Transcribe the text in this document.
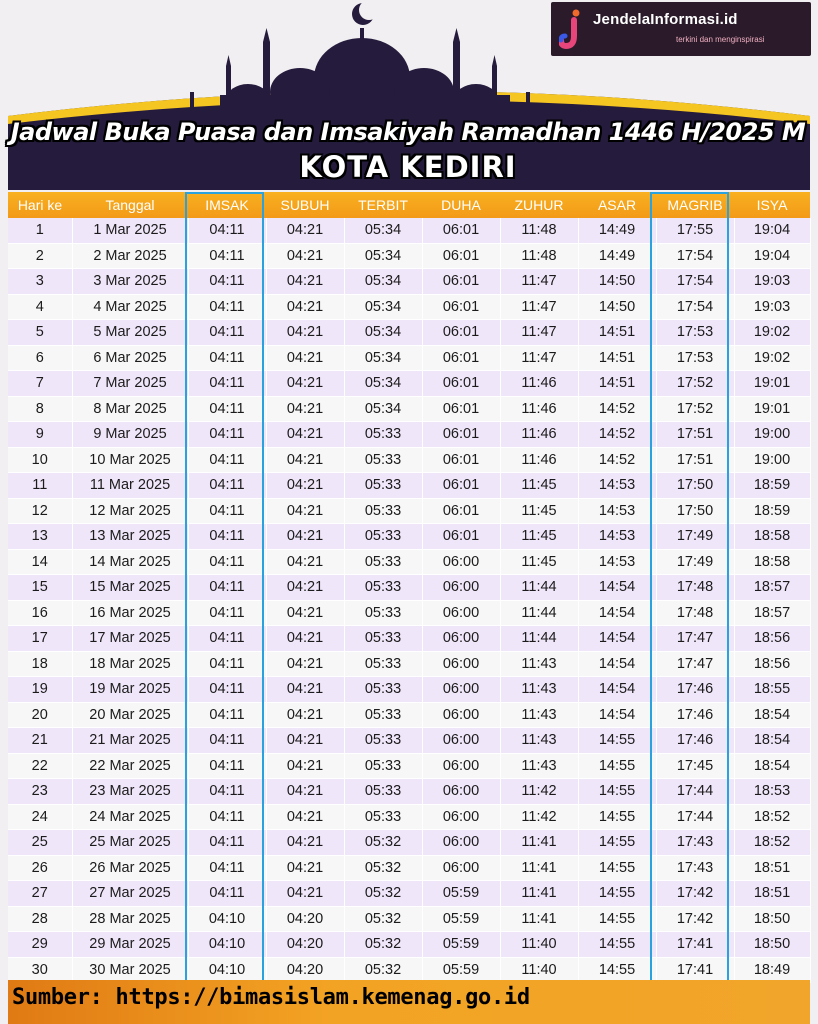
JendelaInformasi.id
terkini dan menginspirasi
Jadwal Buka Puasa dan Imsakiyah Ramadhan 1446 H/2025 M
KOTA KEDIRI
Hari ke	Tanggal	IMSAK	SUBUH	TERBIT	DUHA	ZUHUR	ASAR	MAGRIB	ISYA
1	1 Mar 2025	04:11	04:21	05:34	06:01	11:48	14:49	17:55	19:04
2	2 Mar 2025	04:11	04:21	05:34	06:01	11:48	14:49	17:54	19:04
3	3 Mar 2025	04:11	04:21	05:34	06:01	11:47	14:50	17:54	19:03
4	4 Mar 2025	04:11	04:21	05:34	06:01	11:47	14:50	17:54	19:03
5	5 Mar 2025	04:11	04:21	05:34	06:01	11:47	14:51	17:53	19:02
6	6 Mar 2025	04:11	04:21	05:34	06:01	11:47	14:51	17:53	19:02
7	7 Mar 2025	04:11	04:21	05:34	06:01	11:46	14:51	17:52	19:01
8	8 Mar 2025	04:11	04:21	05:34	06:01	11:46	14:52	17:52	19:01
9	9 Mar 2025	04:11	04:21	05:33	06:01	11:46	14:52	17:51	19:00
10	10 Mar 2025	04:11	04:21	05:33	06:01	11:46	14:52	17:51	19:00
11	11 Mar 2025	04:11	04:21	05:33	06:01	11:45	14:53	17:50	18:59
12	12 Mar 2025	04:11	04:21	05:33	06:01	11:45	14:53	17:50	18:59
13	13 Mar 2025	04:11	04:21	05:33	06:01	11:45	14:53	17:49	18:58
14	14 Mar 2025	04:11	04:21	05:33	06:00	11:45	14:53	17:49	18:58
15	15 Mar 2025	04:11	04:21	05:33	06:00	11:44	14:54	17:48	18:57
16	16 Mar 2025	04:11	04:21	05:33	06:00	11:44	14:54	17:48	18:57
17	17 Mar 2025	04:11	04:21	05:33	06:00	11:44	14:54	17:47	18:56
18	18 Mar 2025	04:11	04:21	05:33	06:00	11:43	14:54	17:47	18:56
19	19 Mar 2025	04:11	04:21	05:33	06:00	11:43	14:54	17:46	18:55
20	20 Mar 2025	04:11	04:21	05:33	06:00	11:43	14:54	17:46	18:54
21	21 Mar 2025	04:11	04:21	05:33	06:00	11:43	14:55	17:46	18:54
22	22 Mar 2025	04:11	04:21	05:33	06:00	11:43	14:55	17:45	18:54
23	23 Mar 2025	04:11	04:21	05:33	06:00	11:42	14:55	17:44	18:53
24	24 Mar 2025	04:11	04:21	05:33	06:00	11:42	14:55	17:44	18:52
25	25 Mar 2025	04:11	04:21	05:32	06:00	11:41	14:55	17:43	18:52
26	26 Mar 2025	04:11	04:21	05:32	06:00	11:41	14:55	17:43	18:51
27	27 Mar 2025	04:11	04:21	05:32	05:59	11:41	14:55	17:42	18:51
28	28 Mar 2025	04:10	04:20	05:32	05:59	11:41	14:55	17:42	18:50
29	29 Mar 2025	04:10	04:20	05:32	05:59	11:40	14:55	17:41	18:50
30	30 Mar 2025	04:10	04:20	05:32	05:59	11:40	14:55	17:41	18:49
Sumber: https://bimasislam.kemenag.go.id
